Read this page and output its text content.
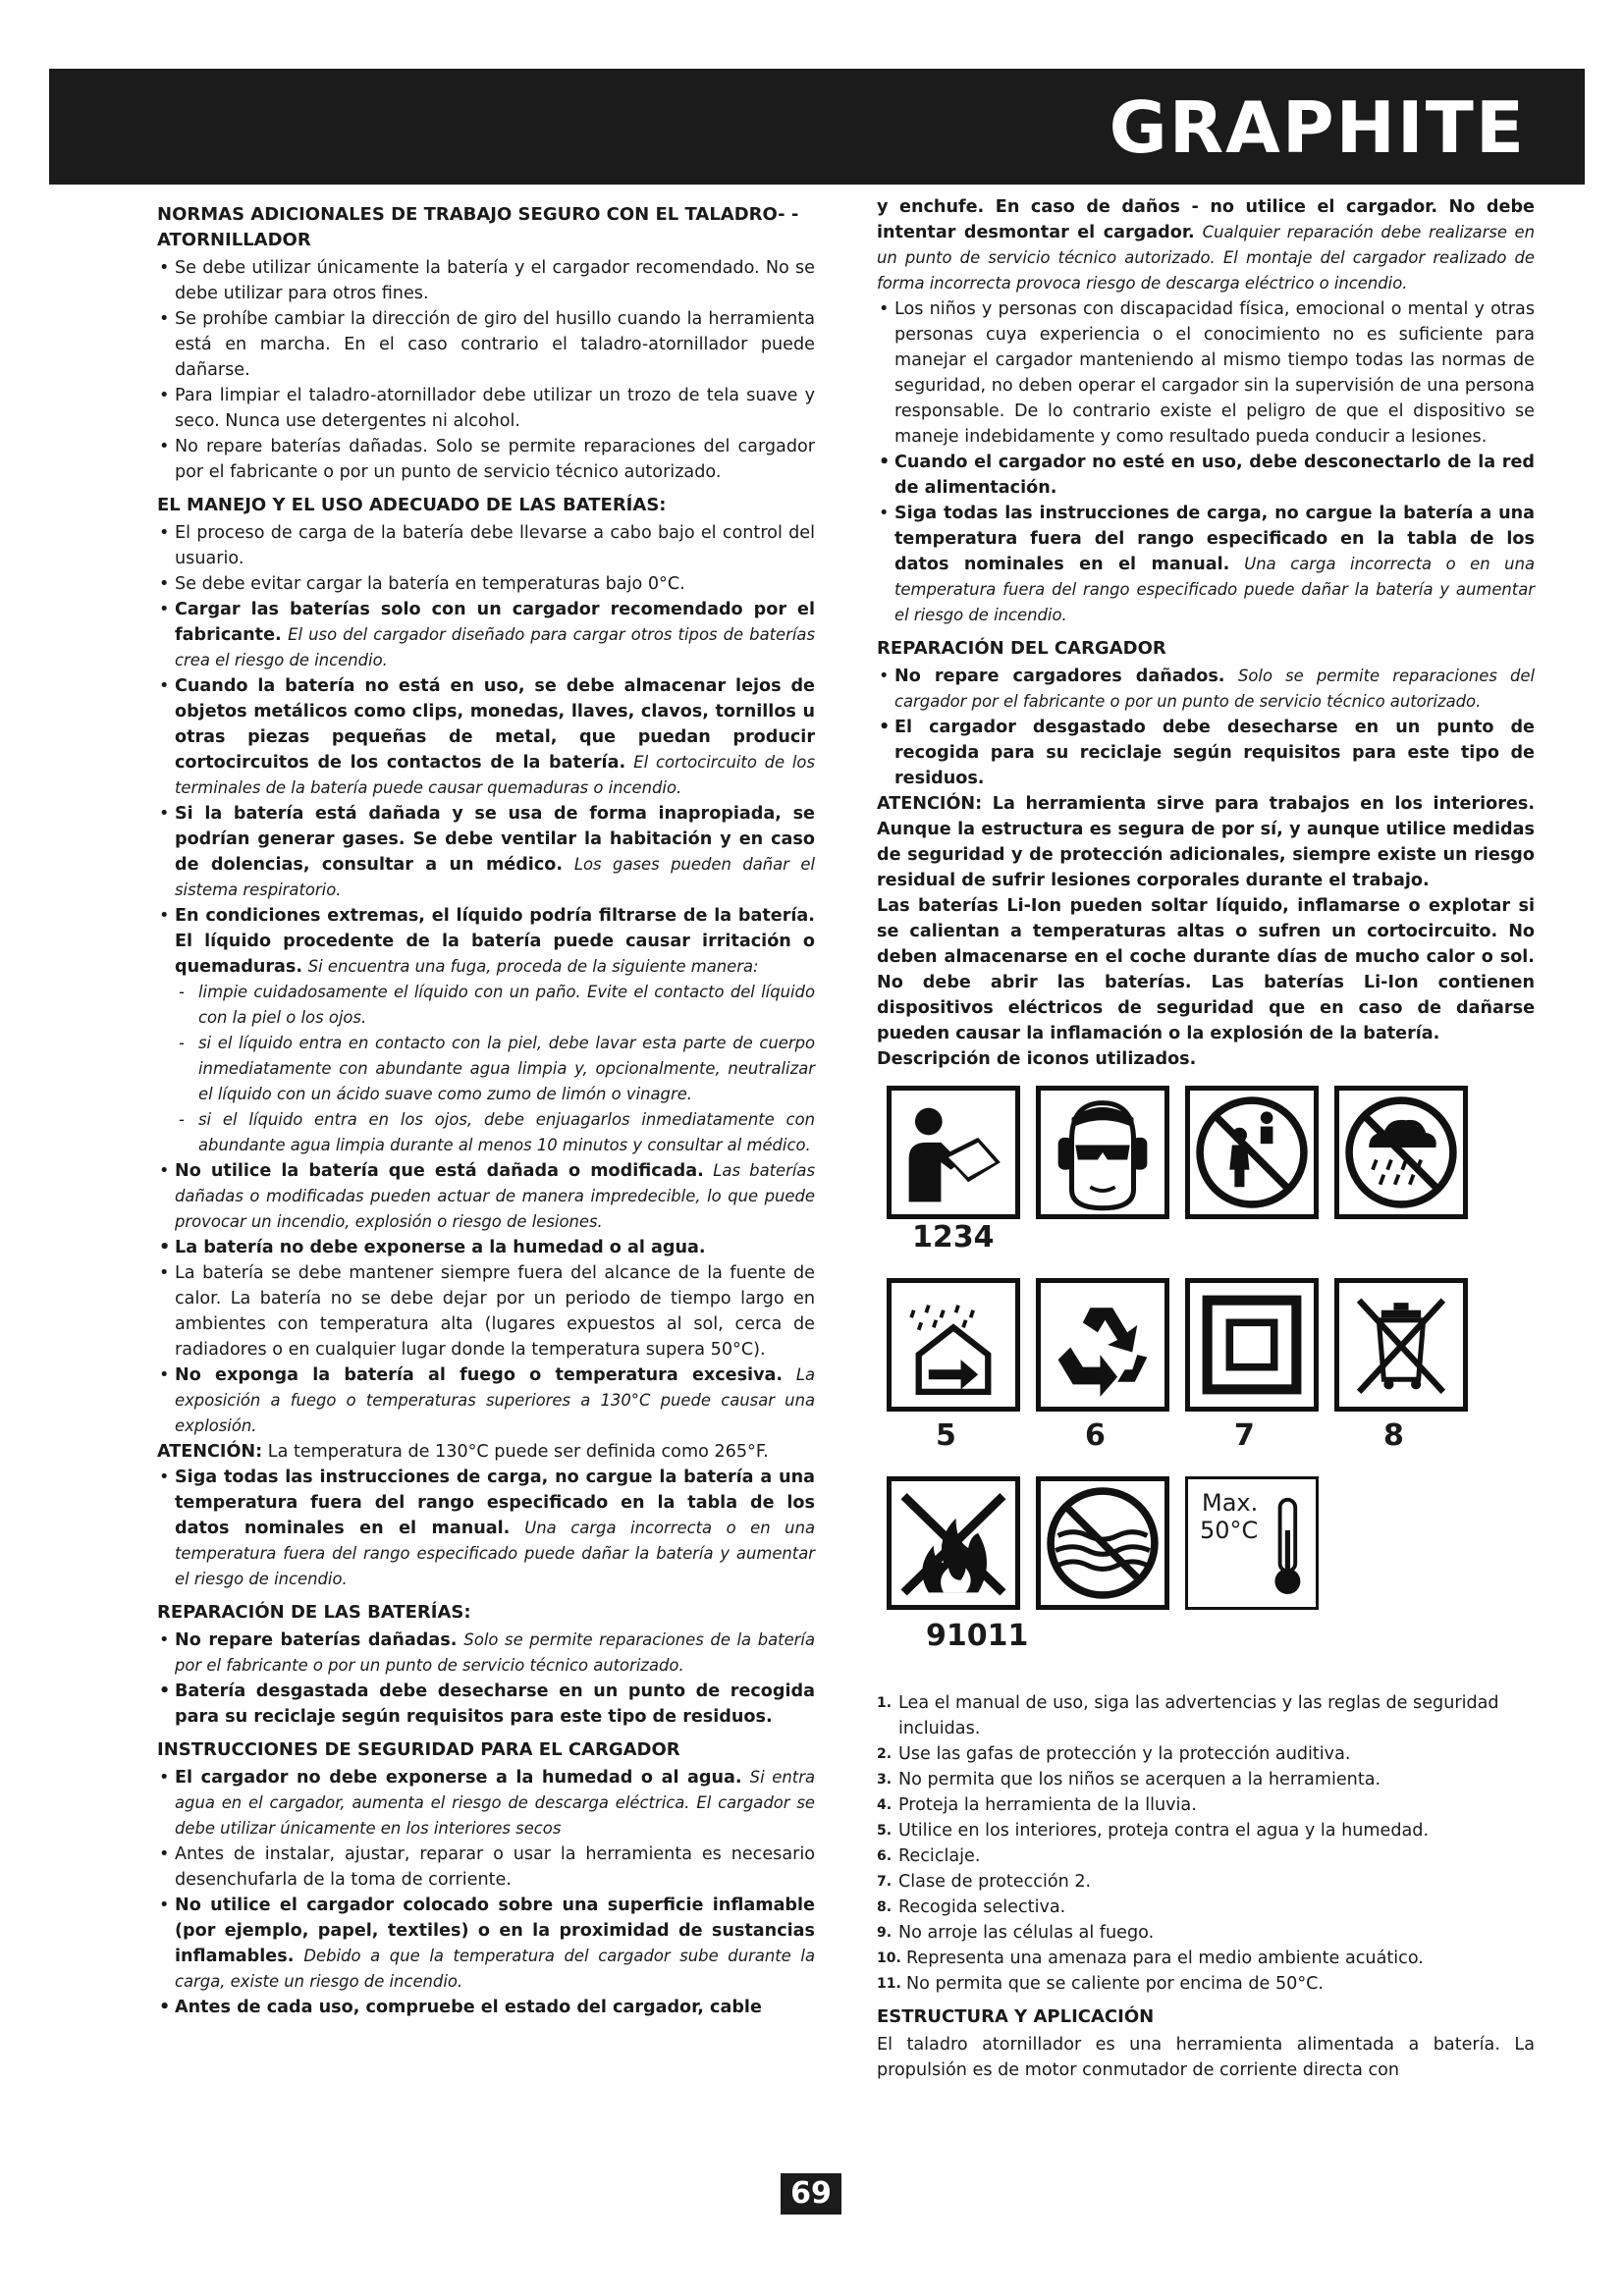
GRAPHITE
NORMAS ADICIONALES DE TRABAJO SEGURO CON EL TALADRO- -ATORNILLADOR
• Se debe utilizar únicamente la batería y el cargador recomendado. No se debe utilizar para otros fines.
• Se prohíbe cambiar la dirección de giro del husillo cuando la herramienta está en marcha. En el caso contrario el taladro-atornillador puede dañarse.
• Para limpiar el taladro-atornillador debe utilizar un trozo de tela suave y seco. Nunca use detergentes ni alcohol.
• No repare baterías dañadas. Solo se permite reparaciones del cargador por el fabricante o por un punto de servicio técnico autorizado.
EL MANEJO Y EL USO ADECUADO DE LAS BATERÍAS:
• El proceso de carga de la batería debe llevarse a cabo bajo el control del usuario.
• Se debe evitar cargar la batería en temperaturas bajo 0°C.
• Cargar las baterías solo con un cargador recomendado por el fabricante. El uso del cargador diseñado para cargar otros tipos de baterías crea el riesgo de incendio.
• Cuando la batería no está en uso, se debe almacenar lejos de objetos metálicos como clips, monedas, llaves, clavos, tornillos u otras piezas pequeñas de metal, que puedan producir cortocircuitos de los contactos de la batería. El cortocircuito de los terminales de la batería puede causar quemaduras o incendio.
• Si la batería está dañada y se usa de forma inapropiada, se podrían generar gases. Se debe ventilar la habitación y en caso de dolencias, consultar a un médico. Los gases pueden dañar el sistema respiratorio.
• En condiciones extremas, el líquido podría filtrarse de la batería. El líquido procedente de la batería puede causar irritación o quemaduras. Si encuentra una fuga, proceda de la siguiente manera:
- limpie cuidadosamente el líquido con un paño. Evite el contacto del líquido con la piel o los ojos.
- si el líquido entra en contacto con la piel, debe lavar esta parte de cuerpo inmediatamente con abundante agua limpia y, opcionalmente, neutralizar el líquido con un ácido suave como zumo de limón o vinagre.
- si el líquido entra en los ojos, debe enjuagarlos inmediatamente con abundante agua limpia durante al menos 10 minutos y consultar al médico.
• No utilice la batería que está dañada o modificada. Las baterías dañadas o modificadas pueden actuar de manera impredecible, lo que puede provocar un incendio, explosión o riesgo de lesiones.
• La batería no debe exponerse a la humedad o al agua.
• La batería se debe mantener siempre fuera del alcance de la fuente de calor. La batería no se debe dejar por un periodo de tiempo largo en ambientes con temperatura alta (lugares expuestos al sol, cerca de radiadores o en cualquier lugar donde la temperatura supera 50°C).
• No exponga la batería al fuego o temperatura excesiva. La exposición a fuego o temperaturas superiores a 130°C puede causar una explosión.

ATENCIÓN: La temperatura de 130°C puede ser definida como 265°F.

• Siga todas las instrucciones de carga, no cargue la batería a una temperatura fuera del rango especificado en la tabla de los datos nominales en el manual. Una carga incorrecta o en una temperatura fuera del rango especificado puede dañar la batería y aumentar el riesgo de incendio.
REPARACIÓN DE LAS BATERÍAS:
• No repare baterías dañadas. Solo se permite reparaciones de la batería por el fabricante o por un punto de servicio técnico autorizado.
• Batería desgastada debe desecharse en un punto de recogida para su reciclaje según requisitos para este tipo de residuos.
INSTRUCCIONES DE SEGURIDAD PARA EL CARGADOR
• El cargador no debe exponerse a la humedad o al agua. Si entra agua en el cargador, aumenta el riesgo de descarga eléctrica. El cargador se debe utilizar únicamente en los interiores secos
• Antes de instalar, ajustar, reparar o usar la herramienta es necesario desenchufarla de la toma de corriente.
• No utilice el cargador colocado sobre una superficie inflamable (por ejemplo, papel, textiles) o en la proximidad de sustancias inflamables. Debido a que la temperatura del cargador sube durante la carga, existe un riesgo de incendio.
• Antes de cada uso, compruebe el estado del cargador, cable

y enchufe. En caso de daños - no utilice el cargador. No debe intentar desmontar el cargador. Cualquier reparación debe realizarse en un punto de servicio técnico autorizado. El montaje del cargador realizado de forma incorrecta provoca riesgo de descarga eléctrico o incendio.

• Los niños y personas con discapacidad física, emocional o mental y otras personas cuya experiencia o el conocimiento no es suficiente para manejar el cargador manteniendo al mismo tiempo todas las normas de seguridad, no deben operar el cargador sin la supervisión de una persona responsable. De lo contrario existe el peligro de que el dispositivo se maneje indebidamente y como resultado pueda conducir a lesiones.
• Cuando el cargador no esté en uso, debe desconectarlo de la red de alimentación.
• Siga todas las instrucciones de carga, no cargue la batería a una temperatura fuera del rango especificado en la tabla de los datos nominales en el manual. Una carga incorrecta o en una temperatura fuera del rango especificado puede dañar la batería y aumentar el riesgo de incendio.
REPARACIÓN DEL CARGADOR
• No repare cargadores dañados. Solo se permite reparaciones del cargador por el fabricante o por un punto de servicio técnico autorizado.
• El cargador desgastado debe desecharse en un punto de recogida para su reciclaje según requisitos para este tipo de residuos.

ATENCIÓN: La herramienta sirve para trabajos en los interiores. Aunque la estructura es segura de por sí, y aunque utilice medidas de seguridad y de protección adicionales, siempre existe un riesgo residual de sufrir lesiones corporales durante el trabajo.

Las baterías Li-Ion pueden soltar líquido, inflamarse o explotar si se calientan a temperaturas altas o sufren un cortocircuito. No deben almacenarse en el coche durante días de mucho calor o sol. No debe abrir las baterías. Las baterías Li-Ion contienen dispositivos eléctricos de seguridad que en caso de dañarse pueden causar la inflamación o la explosión de la batería.

Descripción de iconos utilizados.

1234
5	6	7	8
Max.
50°C
91011
1. Lea el manual de uso, siga las advertencias y las reglas de seguridad incluidas.
2. Use las gafas de protección y la protección auditiva.
3. No permita que los niños se acerquen a la herramienta.
4. Proteja la herramienta de la lluvia.
5. Utilice en los interiores, proteja contra el agua y la humedad.
6. Reciclaje.
7. Clase de protección 2.
8. Recogida selectiva.
9. No arroje las células al fuego.
10. Representa una amenaza para el medio ambiente acuático.
11. No permita que se caliente por encima de 50°C.
ESTRUCTURA Y APLICACIÓN

El taladro atornillador es una herramienta alimentada a batería. La propulsión es de motor conmutador de corriente directa con

69
